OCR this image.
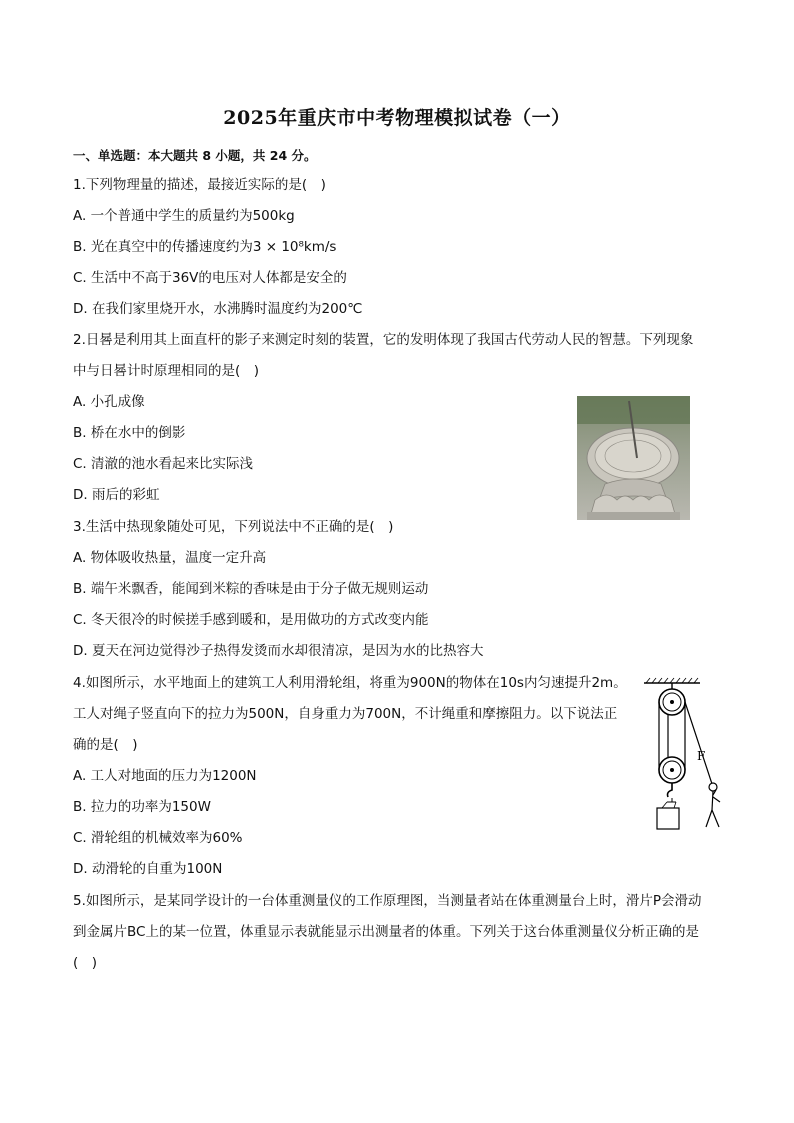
2025年重庆市中考物理模拟试卷（一）
一、单选题：本大题共 8 小题，共 24 分。
1.下列物理量的描述，最接近实际的是(　)
A. 一个普通中学生的质量约为500kg
B. 光在真空中的传播速度约为3 × 10⁸km/s
C. 生活中不高于36V的电压对人体都是安全的
D. 在我们家里烧开水，水沸腾时温度约为200℃
2.日晷是利用其上面直杆的影子来测定时刻的装置，它的发明体现了我国古代劳动人民的智慧。下列现象
中与日晷计时原理相同的是(　)
A. 小孔成像
B. 桥在水中的倒影
C. 清澈的池水看起来比实际浅
D. 雨后的彩虹
3.生活中热现象随处可见，下列说法中不正确的是(　)
A. 物体吸收热量，温度一定升高
B. 端午米飘香，能闻到米粽的香味是由于分子做无规则运动
C. 冬天很冷的时候搓手感到暖和，是用做功的方式改变内能
D. 夏天在河边觉得沙子热得发烫而水却很清凉，是因为水的比热容大
4.如图所示，水平地面上的建筑工人利用滑轮组，将重为900N的物体在10s内匀速提升2m。
工人对绳子竖直向下的拉力为500N，自身重力为700N，不计绳重和摩擦阻力。以下说法正
确的是(　)
A. 工人对地面的压力为1200N
B. 拉力的功率为150W
C. 滑轮组的机械效率为60%
D. 动滑轮的自重为100N
5.如图所示，是某同学设计的一台体重测量仪的工作原理图，当测量者站在体重测量台上时，滑片P会滑动
到金属片BC上的某一位置，体重显示表就能显示出测量者的体重。下列关于这台体重测量仪分析正确的是
(　)
F
